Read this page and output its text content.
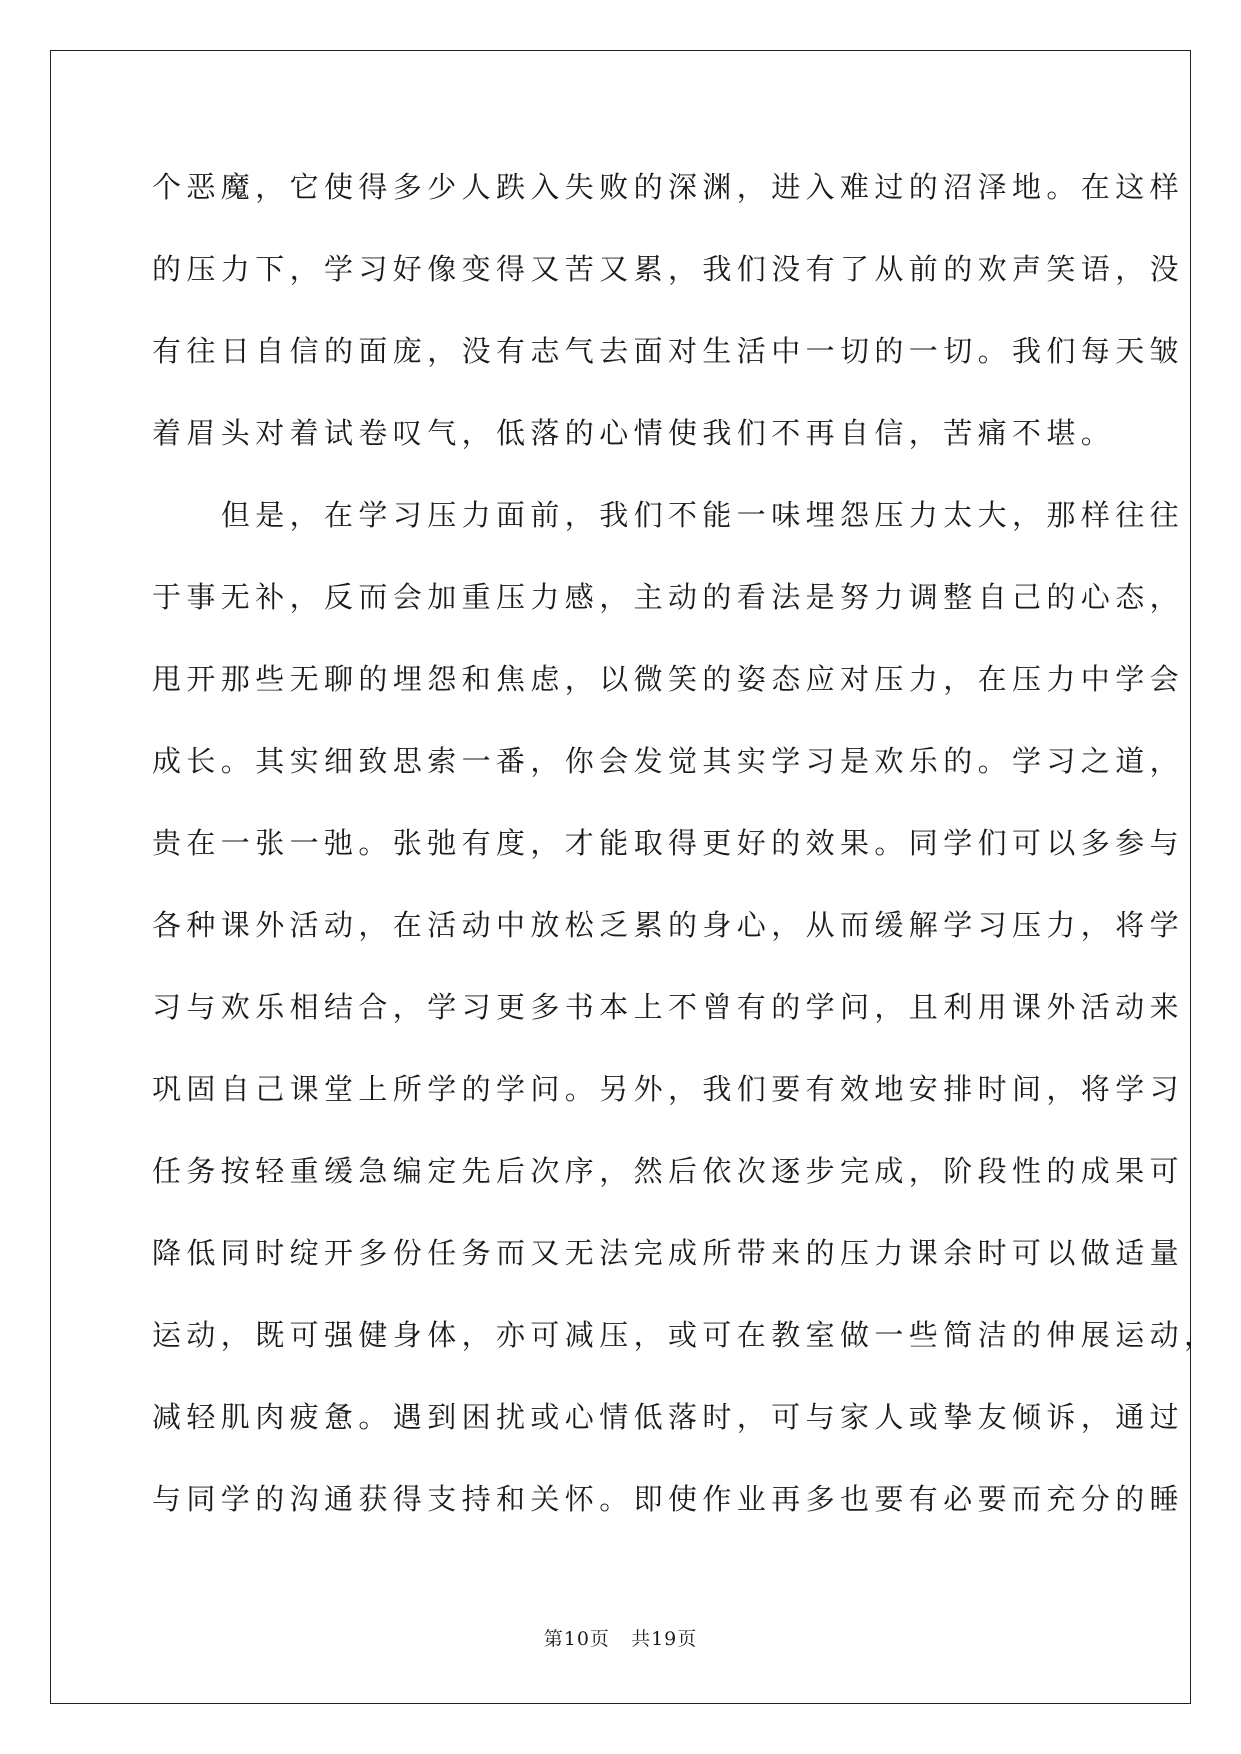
个恶魔，它使得多少人跌入失败的深渊，进入难过的沼泽地。在这样
的压力下，学习好像变得又苦又累，我们没有了从前的欢声笑语，没
有往日自信的面庞，没有志气去面对生活中一切的一切。我们每天皱
着眉头对着试卷叹气，低落的心情使我们不再自信，苦痛不堪。
　　但是，在学习压力面前，我们不能一味埋怨压力太大，那样往往
于事无补，反而会加重压力感，主动的看法是努力调整自己的心态，
甩开那些无聊的埋怨和焦虑，以微笑的姿态应对压力，在压力中学会
成长。其实细致思索一番，你会发觉其实学习是欢乐的。学习之道，
贵在一张一弛。张弛有度，才能取得更好的效果。同学们可以多参与
各种课外活动，在活动中放松乏累的身心，从而缓解学习压力，将学
习与欢乐相结合，学习更多书本上不曾有的学问，且利用课外活动来
巩固自己课堂上所学的学问。另外，我们要有效地安排时间，将学习
任务按轻重缓急编定先后次序，然后依次逐步完成，阶段性的成果可
降低同时绽开多份任务而又无法完成所带来的压力课余时可以做适量
运动，既可强健身体，亦可减压，或可在教室做一些简洁的伸展运动，
减轻肌肉疲惫。遇到困扰或心情低落时，可与家人或挚友倾诉，通过
与同学的沟通获得支持和关怀。即使作业再多也要有必要而充分的睡
第10页 共19页
